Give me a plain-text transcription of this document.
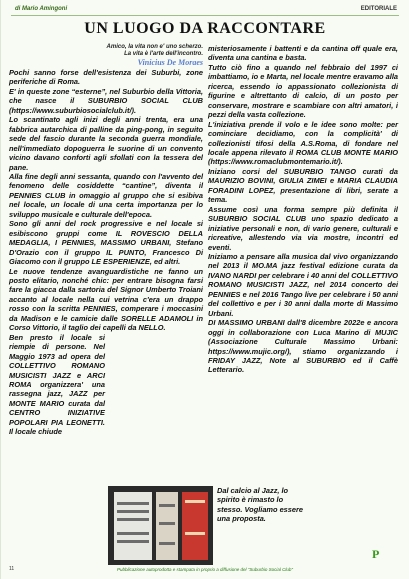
di Mario Amingoni	EDITORIALE
UN LUOGO DA RACCONTARE
Amico, la vita non e' uno scherzo.
La vita è l'arte dell'incontro.
Vinicius De Moraes

Pochi sanno forse dell'esistenza dei Suburbi, zone periferiche di Roma.

E' in queste zone “esterne”, nel Suburbio della Vittoria, che nasce il SUBURBIO SOCIAL CLUB (https://www.suburbiosocialclub.it/).

Lo scantinato agli inizi degli anni trenta, era una fabbrica autarchica di palline da ping-pong, in seguito sede del fascio durante la seconda guerra mondiale, nell'immediato dopoguerra le suorine di un convento vicino davano conforti agli sfollati con la tessera del pane.

Alla fine degli anni sessanta, quando con l'avvento del fenomeno delle cosiddette “cantine”, diventa il PENNIES CLUB in omaggio al gruppo che si esibiva nel locale, un locale di una certa importanza per lo sviluppo musicale e culturale dell'epoca.

Sono gli anni del rock progressive e nel locale si esibiscono gruppi come IL ROVESCIO DELLA MEDAGLIA, I PENNIES, MASSIMO URBANI, Stefano D'Orazio con il gruppo IL PUNTO, Francesco Di Giacomo con il gruppo LE ESPERIENZE, ed altri.

Le nuove tendenze avanguardistiche ne fanno un posto elitario, nonché chic: per entrare bisogna farsi fare la giacca dalla sartoria del Signor Umberto Troiani accanto al locale nella cui vetrina c'era un drappo rosso con la scritta PENNIES, comperare i moccasini da Madison e le camicie dalle SORELLE ADAMOLI in Corso Vittorio, il taglio dei capelli da NELLO.

Ben presto il locale si riempie di persone. Nel Maggio 1973 ad opera del COLLETTIVO ROMANO MUSICISTI JAZZ e ARCI ROMA organizzera' una rassegna jazz, JAZZ per MONTE MARIO curata dal CENTRO INIZIATIVE POPOLARI PIA LEONETTI. Il locale chiude

misteriosamente i battenti e da cantina off quale era, diventa una cantina e basta.

Tutto ciò fino a quando nel febbraio del 1997 ci imbattiamo, io e Marta, nel locale mentre eravamo alla ricerca, essendo io appassionato collezionista di figurine e altrettanto di calcio, di un posto per conservare, mostrare e scambiare con altri amatori, i pezzi della vasta collezione.

L'iniziativa prende il volo e le idee sono molte: per cominciare decidiamo, con la complicità' di collezionisti tifosi della A.S.Roma, di fondare nel locale appena rilevato il ROMA CLUB MONTE MARIO (https://www.romaclubmontemario.it/).

Iniziano corsi del SUBURBIO TANGO curati da MAURIZIO BOVINI, GIULIA ZIMEI e MARIA CLAUDIA FORADINI LOPEZ, presentazione di libri, serate a tema.

Assume così una forma sempre più definita il SUBURBIO SOCIAL CLUB uno spazio dedicato a iniziative personali e non, di vario genere, culturali e ricreative, allestendo via via mostre, incontri ed eventi.

Iniziamo a pensare alla musica dal vivo organizzando nel 2013 il MO.MA jazz festival edizione curata da IVANO NARDI per celebrare i 40 anni del COLLETTIVO ROMANO MUSICISTI JAZZ, nel 2014 concerto dei PENNIES e nel 2016 Tango live per celebrare i 50 anni del collettivo e per i 30 anni dalla morte di Massimo Urbani.

DI MASSIMO URBANI dall'8 dicembre 2022e e ancora oggi in collaborazione con Luca Marino di MUJIC (Associazione Culturale Massimo Urbani: https://www.mujic.org/), stiamo organizzando i FRIDAY JAZZ, Note al SUBURBIO ed il Caffè Letterario.

Dal calcio al Jazz, lo spirito è rimasto lo stesso. Vogliamo essere una proposta.
P
11	Pubblicazione autoprodotta e stampata in proprio a diffusione del "Suburbio Social Club"
